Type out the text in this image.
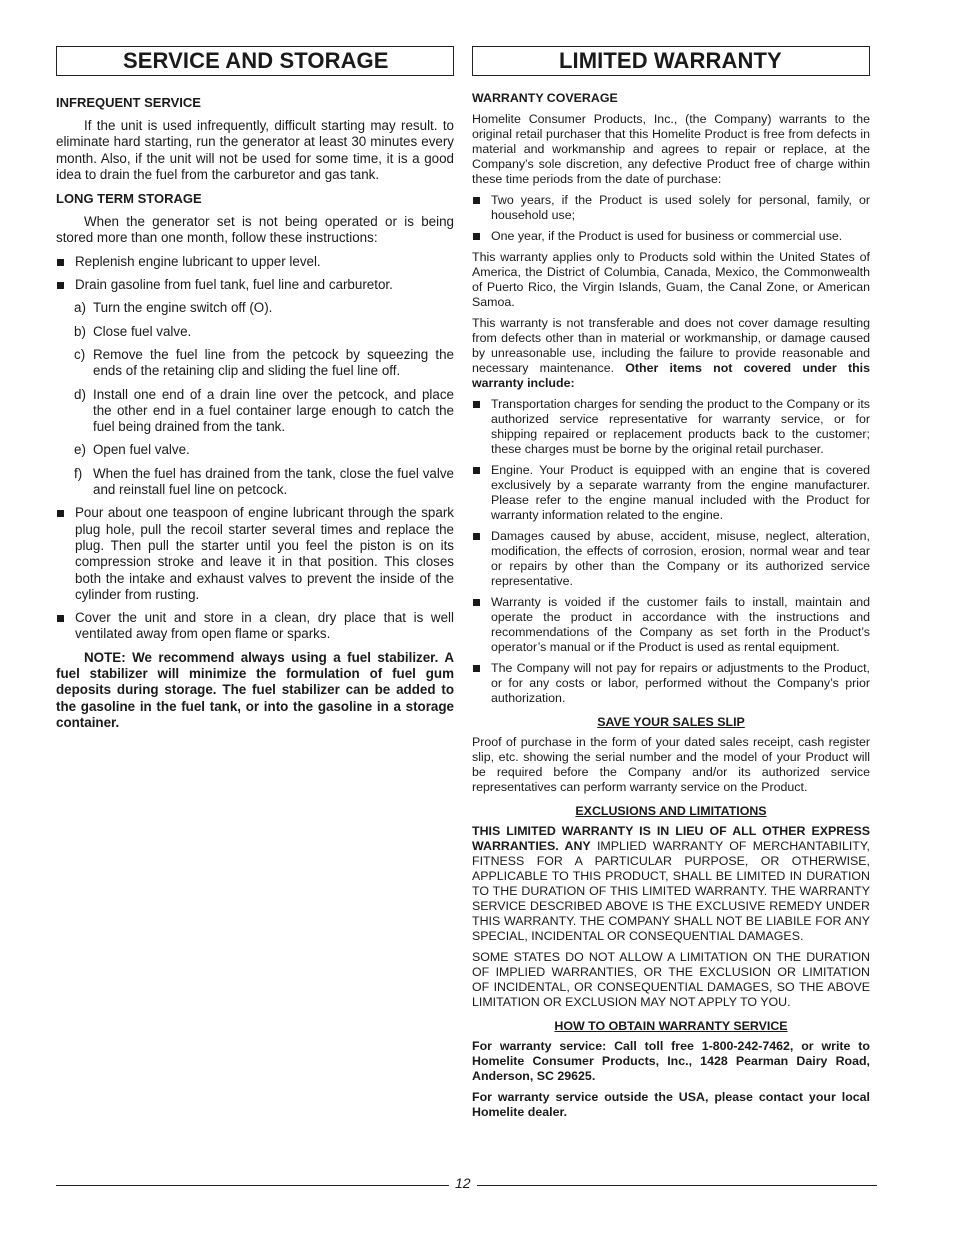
SERVICE AND STORAGE
INFREQUENT SERVICE

If the unit is used infrequently, difficult starting may result. to eliminate hard starting, run the generator at least 30 minutes every month. Also, if the unit will not be used for some time, it is a good idea to drain the fuel from the carburetor and gas tank.

LONG TERM STORAGE

When the generator set is not being operated or is being stored more than one month, follow these instructions:

Replenish engine lubricant to upper level.
Drain gasoline from fuel tank, fuel line and carburetor.
a) Turn the engine switch off (O).
b) Close fuel valve.
c) Remove the fuel line from the petcock by squeezing the ends of the retaining clip and sliding the fuel line off.
d) Install one end of a drain line over the petcock, and place the other end in a fuel container large enough to catch the fuel being drained from the tank.
e) Open fuel valve.
f) When the fuel has drained from the tank, close the fuel valve and reinstall fuel line on petcock.
Pour about one teaspoon of engine lubricant through the spark plug hole, pull the recoil starter several times and replace the plug. Then pull the starter until you feel the piston is on its compression stroke and leave it in that position. This closes both the intake and exhaust valves to prevent the inside of the cylinder from rusting.
Cover the unit and store in a clean, dry place that is well ventilated away from open flame or sparks.

NOTE: We recommend always using a fuel stabilizer. A fuel stabilizer will minimize the formulation of fuel gum deposits during storage. The fuel stabilizer can be added to the gasoline in the fuel tank, or into the gasoline in a storage container.

LIMITED WARRANTY
WARRANTY COVERAGE

Homelite Consumer Products, Inc., (the Company) warrants to the original retail purchaser that this Homelite Product is free from defects in material and workmanship and agrees to repair or replace, at the Company’s sole discretion, any defective Product free of charge within these time periods from the date of purchase:

Two years, if the Product is used solely for personal, family, or household use;
One year, if the Product is used for business or commercial use.

This warranty applies only to Products sold within the United States of America, the District of Columbia, Canada, Mexico, the Commonwealth of Puerto Rico, the Virgin Islands, Guam, the Canal Zone, or American Samoa.

This warranty is not transferable and does not cover damage resulting from defects other than in material or workmanship, or damage caused by unreasonable use, including the failure to provide reasonable and necessary maintenance. Other items not covered under this warranty include:

Transportation charges for sending the product to the Company or its authorized service representative for warranty service, or for shipping repaired or replacement products back to the customer; these charges must be borne by the original retail purchaser.
Engine. Your Product is equipped with an engine that is covered exclusively by a separate warranty from the engine manufacturer. Please refer to the engine manual included with the Product for warranty information related to the engine.
Damages caused by abuse, accident, misuse, neglect, alteration, modification, the effects of corrosion, erosion, normal wear and tear or repairs by other than the Company or its authorized service representative.
Warranty is voided if the customer fails to install, maintain and operate the product in accordance with the instructions and recommendations of the Company as set forth in the Product’s operator’s manual or if the Product is used as rental equipment.
The Company will not pay for repairs or adjustments to the Product, or for any costs or labor, performed without the Company’s prior authorization.
SAVE YOUR SALES SLIP

Proof of purchase in the form of your dated sales receipt, cash register slip, etc. showing the serial number and the model of your Product will be required before the Company and/or its authorized service representatives can perform warranty service on the Product.

EXCLUSIONS AND LIMITATIONS

THIS LIMITED WARRANTY IS IN LIEU OF ALL OTHER EXPRESS WARRANTIES. ANY IMPLIED WARRANTY OF MERCHANTABILITY, FITNESS FOR A PARTICULAR PURPOSE, OR OTHERWISE, APPLICABLE TO THIS PRODUCT, SHALL BE LIMITED IN DURATION TO THE DURATION OF THIS LIMITED WARRANTY. THE WARRANTY SERVICE DESCRIBED ABOVE IS THE EXCLUSIVE REMEDY UNDER THIS WARRANTY. THE COMPANY SHALL NOT BE LIABILE FOR ANY SPECIAL, INCIDENTAL OR CONSEQUENTIAL DAMAGES.

SOME STATES DO NOT ALLOW A LIMITATION ON THE DURATION OF IMPLIED WARRANTIES, OR THE EXCLUSION OR LIMITATION OF INCIDENTAL, OR CONSEQUENTIAL DAMAGES, SO THE ABOVE LIMITATION OR EXCLUSION MAY NOT APPLY TO YOU.

HOW TO OBTAIN WARRANTY SERVICE

For warranty service: Call toll free 1-800-242-7462, or write to Homelite Consumer Products, Inc., 1428 Pearman Dairy Road, Anderson, SC 29625.

For warranty service outside the USA, please contact your local Homelite dealer.

12
